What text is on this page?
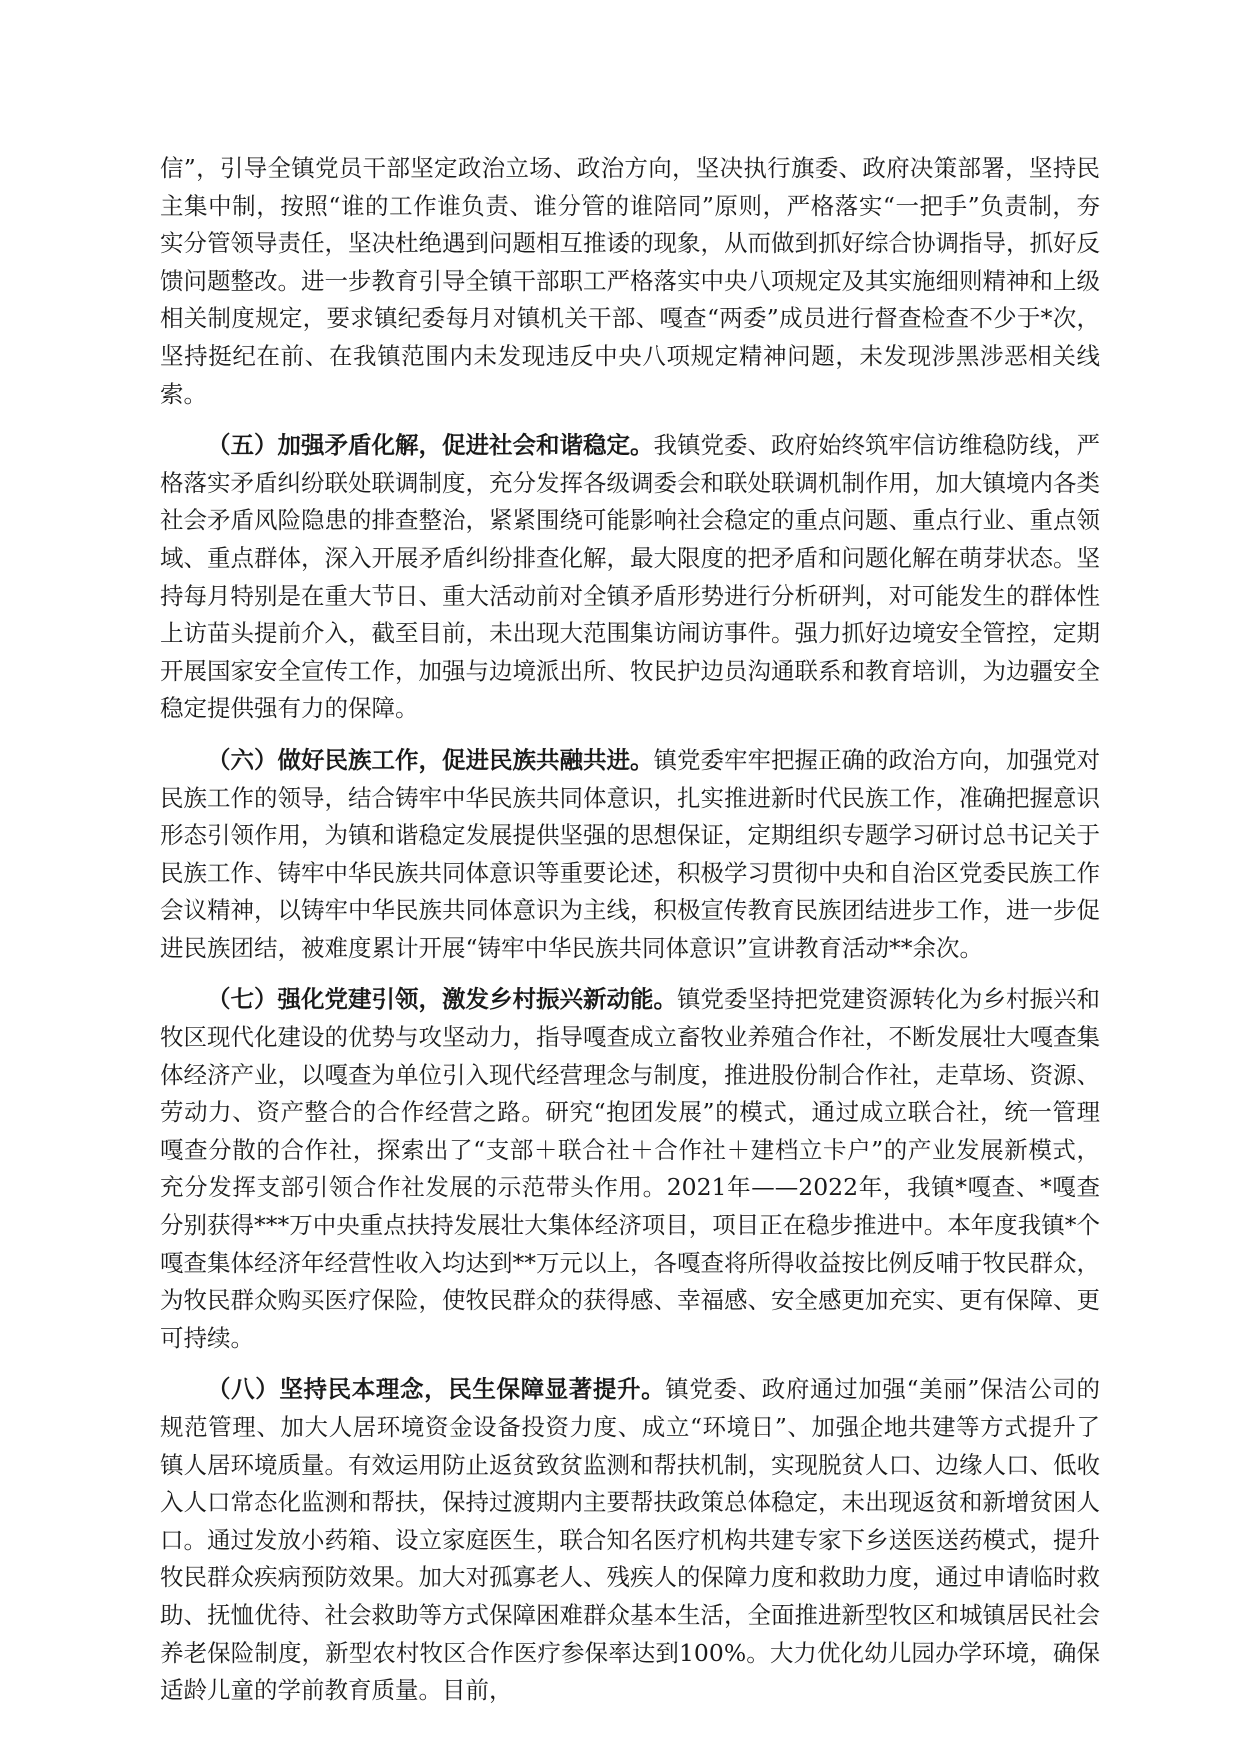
信”，引导全镇党员干部坚定政治立场、政治方向，坚决执行旗委、政府决策部署，坚持民主集中制，按照“谁的工作谁负责、谁分管的谁陪同”原则，严格落实“一把手”负责制，夯实分管领导责任，坚决杜绝遇到问题相互推诿的现象，从而做到抓好综合协调指导，抓好反馈问题整改。进一步教育引导全镇干部职工严格落实中央八项规定及其实施细则精神和上级相关制度规定，要求镇纪委每月对镇机关干部、嘎查“两委”成员进行督查检查不少于*次，坚持挺纪在前、在我镇范围内未发现违反中央八项规定精神问题，未发现涉黑涉恶相关线索。

（五）加强矛盾化解，促进社会和谐稳定。我镇党委、政府始终筑牢信访维稳防线，严格落实矛盾纠纷联处联调制度，充分发挥各级调委会和联处联调机制作用，加大镇境内各类社会矛盾风险隐患的排查整治，紧紧围绕可能影响社会稳定的重点问题、重点行业、重点领域、重点群体，深入开展矛盾纠纷排查化解，最大限度的把矛盾和问题化解在萌芽状态。坚持每月特别是在重大节日、重大活动前对全镇矛盾形势进行分析研判，对可能发生的群体性上访苗头提前介入，截至目前，未出现大范围集访闹访事件。强力抓好边境安全管控，定期开展国家安全宣传工作，加强与边境派出所、牧民护边员沟通联系和教育培训，为边疆安全稳定提供强有力的保障。

（六）做好民族工作，促进民族共融共进。镇党委牢牢把握正确的政治方向，加强党对民族工作的领导，结合铸牢中华民族共同体意识，扎实推进新时代民族工作，准确把握意识形态引领作用，为镇和谐稳定发展提供坚强的思想保证，定期组织专题学习研讨总书记关于民族工作、铸牢中华民族共同体意识等重要论述，积极学习贯彻中央和自治区党委民族工作会议精神，以铸牢中华民族共同体意识为主线，积极宣传教育民族团结进步工作，进一步促进民族团结，被难度累计开展“铸牢中华民族共同体意识”宣讲教育活动**余次。

（七）强化党建引领，激发乡村振兴新动能。镇党委坚持把党建资源转化为乡村振兴和牧区现代化建设的优势与攻坚动力，指导嘎查成立畜牧业养殖合作社，不断发展壮大嘎查集体经济产业，以嘎查为单位引入现代经营理念与制度，推进股份制合作社，走草场、资源、劳动力、资产整合的合作经营之路。研究“抱团发展”的模式，通过成立联合社，统一管理嘎查分散的合作社，探索出了“支部＋联合社＋合作社＋建档立卡户”的产业发展新模式，充分发挥支部引领合作社发展的示范带头作用。2021年——2022年，我镇*嘎查、*嘎查分别获得***万中央重点扶持发展壮大集体经济项目，项目正在稳步推进中。本年度我镇*个嘎查集体经济年经营性收入均达到**万元以上，各嘎查将所得收益按比例反哺于牧民群众，为牧民群众购买医疗保险，使牧民群众的获得感、幸福感、安全感更加充实、更有保障、更可持续。

（八）坚持民本理念，民生保障显著提升。镇党委、政府通过加强“美丽”保洁公司的规范管理、加大人居环境资金设备投资力度、成立“环境日”、加强企地共建等方式提升了镇人居环境质量。有效运用防止返贫致贫监测和帮扶机制，实现脱贫人口、边缘人口、低收入人口常态化监测和帮扶，保持过渡期内主要帮扶政策总体稳定，未出现返贫和新增贫困人口。通过发放小药箱、设立家庭医生，联合知名医疗机构共建专家下乡送医送药模式，提升牧民群众疾病预防效果。加大对孤寡老人、残疾人的保障力度和救助力度，通过申请临时救助、抚恤优待、社会救助等方式保障困难群众基本生活，全面推进新型牧区和城镇居民社会养老保险制度，新型农村牧区合作医疗参保率达到100%。大力优化幼儿园办学环境，确保适龄儿童的学前教育质量。目前，
